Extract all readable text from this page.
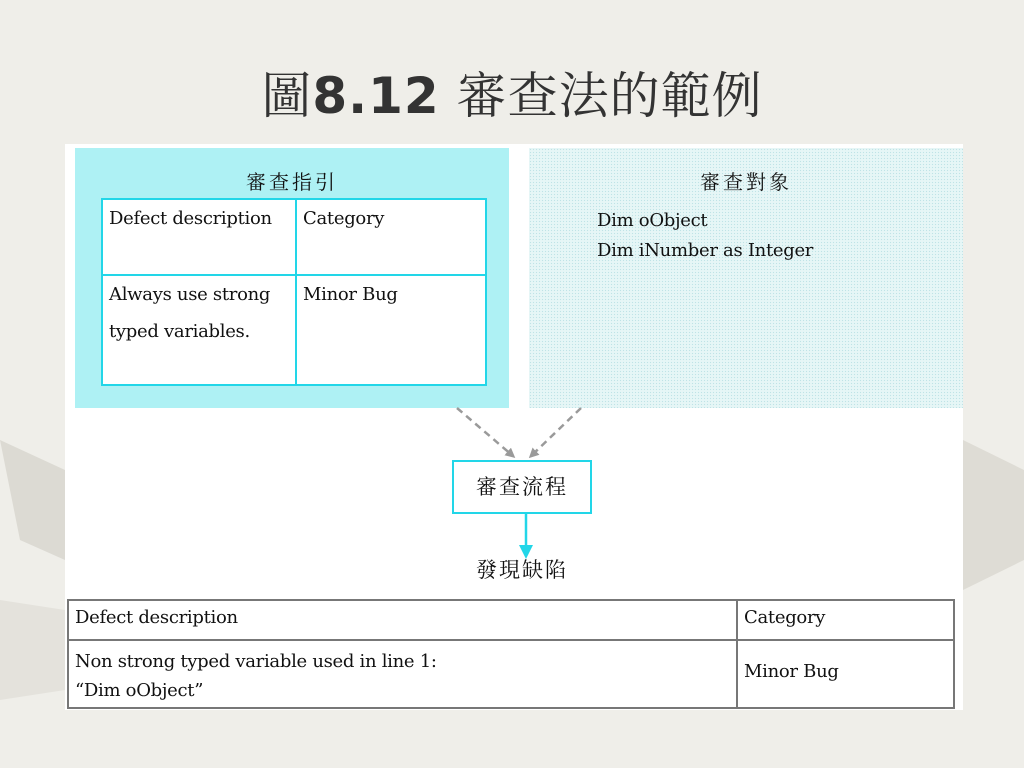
圖8.12 審查法的範例
審查指引
Defect description	Category
Always use strong typed variables.
Minor Bug
審查對象
Dim oObject
Dim iNumber as Integer
審查流程
發現缺陷
Defect description	Category
Non strong typed variable used in line 1:
“Dim oObject”
Minor Bug
